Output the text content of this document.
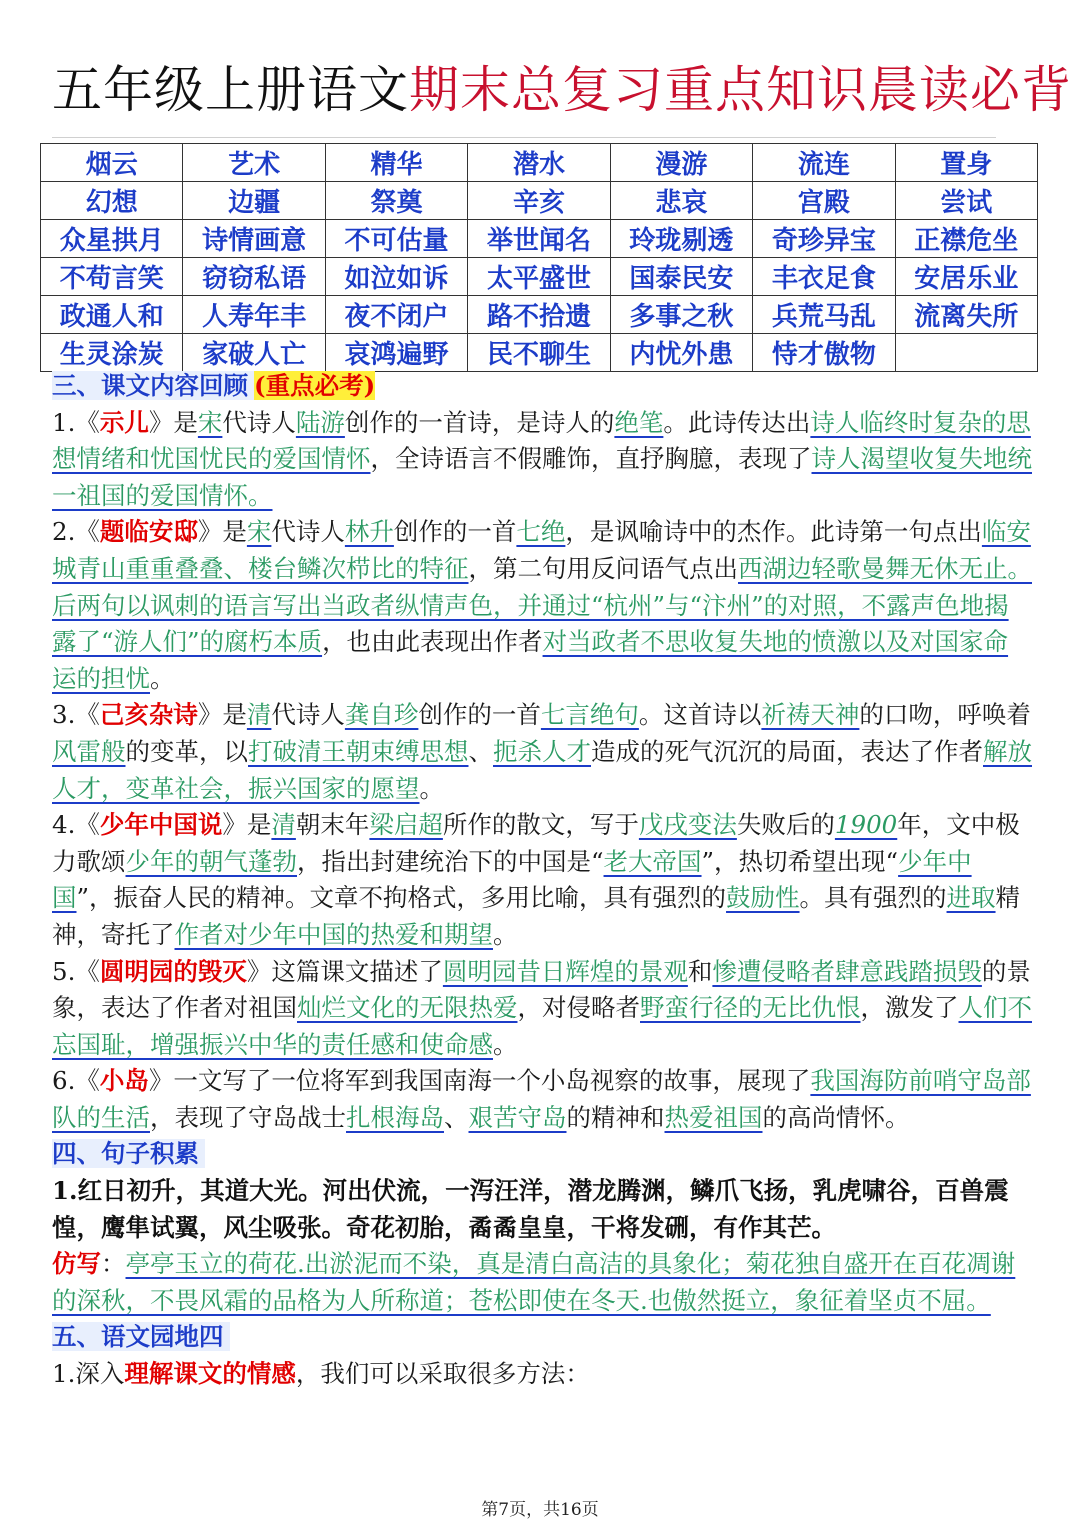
五年级上册语文期末总复习重点知识晨读必背
烟云	艺术	精华	潜水	漫游	流连	置身
幻想	边疆	祭奠	辛亥	悲哀	宫殿	尝试
众星拱月	诗情画意	不可估量	举世闻名	玲珑剔透	奇珍异宝	正襟危坐
不苟言笑	窃窃私语	如泣如诉	太平盛世	国泰民安	丰衣足食	安居乐业
政通人和	人寿年丰	夜不闭户	路不拾遗	多事之秋	兵荒马乱	流离失所
生灵涂炭	家破人亡	哀鸿遍野	民不聊生	内忧外患	恃才傲物	
三、课文内容回顾 (重点必考)

1.《示儿》是宋代诗人陆游创作的一首诗，是诗人的绝笔。此诗传达出诗人临终时复杂的思想情绪和忧国忧民的爱国情怀，全诗语言不假雕饰，直抒胸臆，表现了诗人渴望收复失地统一祖国的爱国情怀。

2.《题临安邸》是宋代诗人林升创作的一首七绝，是讽喻诗中的杰作。此诗第一句点出临安城青山重重叠叠、楼台鳞次栉比的特征，第二句用反问语气点出西湖边轻歌曼舞无休无止。后两句以讽刺的语言写出当政者纵情声色，并通过“杭州”与“汴州”的对照，不露声色地揭露了“游人们”的腐朽本质，也由此表现出作者对当政者不思收复失地的愤激以及对国家命运的担忧。

3.《己亥杂诗》是清代诗人龚自珍创作的一首七言绝句。这首诗以祈祷天神的口吻，呼唤着风雷般的变革，以打破清王朝束缚思想、扼杀人才造成的死气沉沉的局面，表达了作者解放人才，变革社会，振兴国家的愿望。

4.《少年中国说》是清朝末年梁启超所作的散文，写于戊戌变法失败后的1900年，文中极力歌颂少年的朝气蓬勃，指出封建统治下的中国是“老大帝国”，热切希望出现“少年中国”，振奋人民的精神。文章不拘格式，多用比喻，具有强烈的鼓励性。具有强烈的进取精神，寄托了作者对少年中国的热爱和期望。

5.《圆明园的毁灭》这篇课文描述了圆明园昔日辉煌的景观和惨遭侵略者肆意践踏损毁的景象，表达了作者对祖国灿烂文化的无限热爱，对侵略者野蛮行径的无比仇恨，激发了人们不忘国耻，增强振兴中华的责任感和使命感。

6.《小岛》一文写了一位将军到我国南海一个小岛视察的故事，展现了我国海防前哨守岛部队的生活，表现了守岛战士扎根海岛、艰苦守岛的精神和热爱祖国的高尚情怀。

四、句子积累

1.红日初升，其道大光。河出伏流，一泻汪洋，潜龙腾渊，鳞爪飞扬，乳虎啸谷，百兽震惶，鹰隼试翼，风尘吸张。奇花初胎，矞矞皇皇，干将发硎，有作其芒。

仿写：亭亭玉立的荷花.出淤泥而不染，真是清白高洁的具象化；菊花独自盛开在百花凋谢的深秋，不畏风霜的品格为人所称道；苍松即使在冬天.也傲然挺立，象征着坚贞不屈。

五、语文园地四

1.深入理解课文的情感，我们可以采取很多方法：

第7页，共16页
